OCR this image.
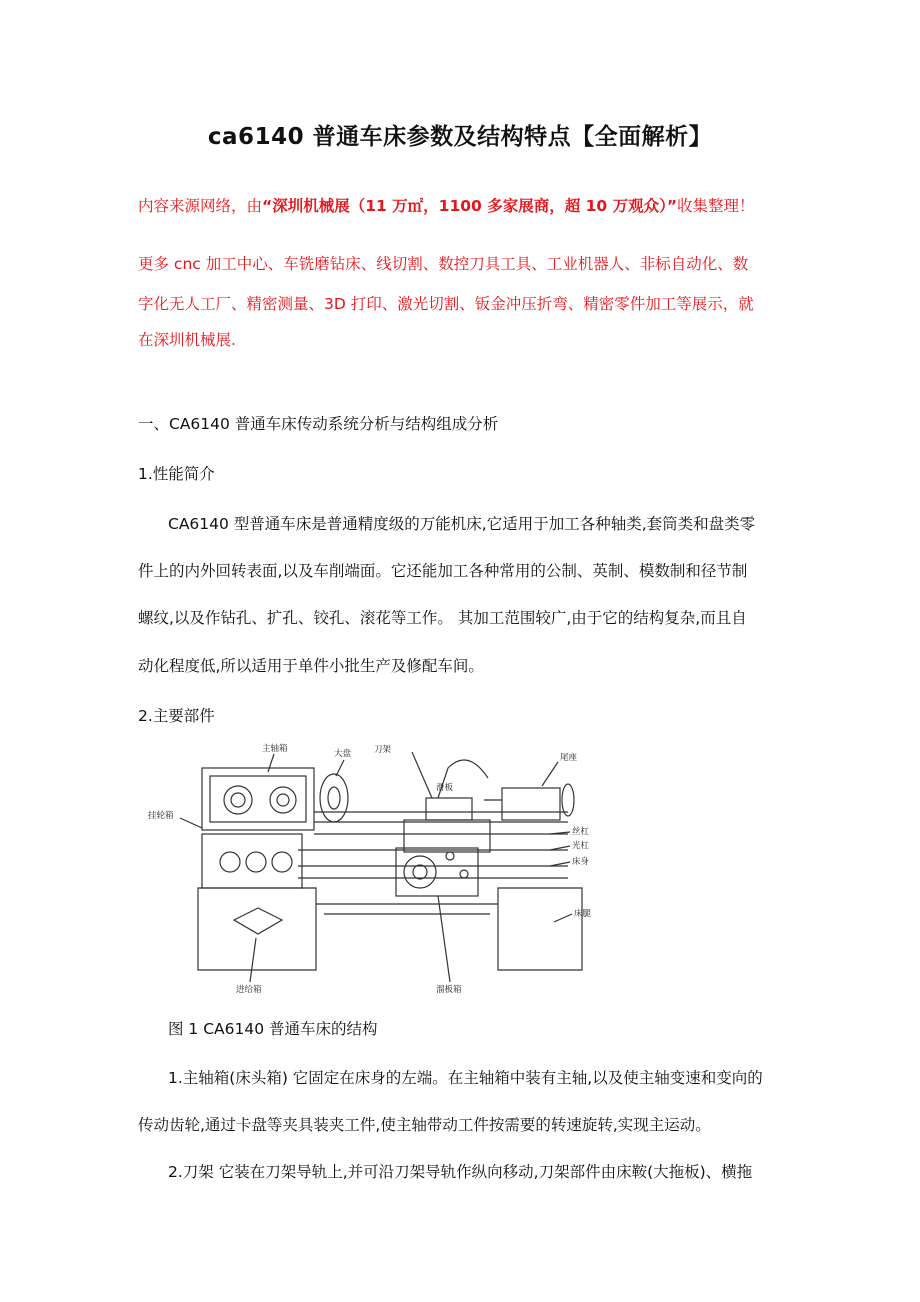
ca6140 普通车床参数及结构特点【全面解析】
内容来源网络，由“深圳机械展（11 万㎡，1100 多家展商，超 10 万观众）”收集整理！
更多 cnc 加工中心、车铣磨钻床、线切割、数控刀具工具、工业机器人、非标自动化、数
字化无人工厂、精密测量、3D 打印、激光切割、钣金冲压折弯、精密零件加工等展示，就
在深圳机械展.
一、CA6140 普通车床传动系统分析与结构组成分析
1.性能简介
CA6140 型普通车床是普通精度级的万能机床,它适用于加工各种轴类,套筒类和盘类零
件上的内外回转表面,以及车削端面。它还能加工各种常用的公制、英制、模数制和径节制
螺纹,以及作钻孔、扩孔、铰孔、滚花等工作。 其加工范围较广,由于它的结构复杂,而且自
动化程度低,所以适用于单件小批生产及修配车间。
2.主要部件
主轴箱	大盘	刀架
滑板
尾座
挂轮箱
丝杠
光杠
床身
床腿
进给箱	溜板箱
图 1 CA6140 普通车床的结构
1.主轴箱(床头箱) 它固定在床身的左端。在主轴箱中装有主轴,以及使主轴变速和变向的
传动齿轮,通过卡盘等夹具装夹工件,使主轴带动工件按需要的转速旋转,实现主运动。
2.刀架 它装在刀架导轨上,并可沿刀架导轨作纵向移动,刀架部件由床鞍(大拖板)、横拖
